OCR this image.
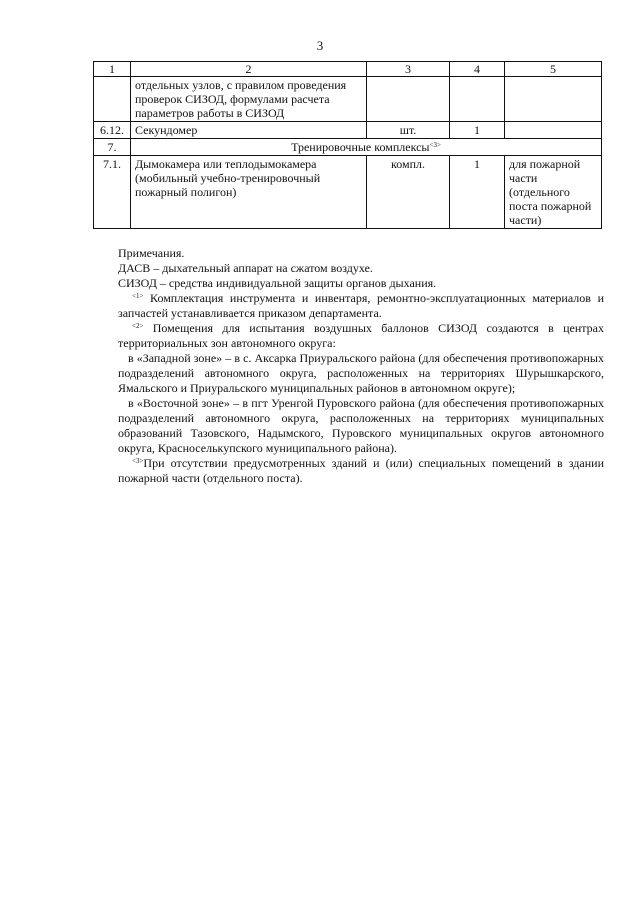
3
1	2	3	4	5
	отдельных узлов, с правилом проведения проверок СИЗОД, формулами расчета параметров работы в СИЗОД			
6.12.	Секундомер	шт.	1	
7.	Тренировочные комплексы$^{<3>}$
7.1.	Дымокамера или теплодымокамера (мобильный учебно-тренировочный пожарный полигон)	компл.	1	для пожарной части (отдельного поста пожарной части)

Примечания.

ДАСВ – дыхательный аппарат на сжатом воздухе.

СИЗОД – средства индивидуальной защиты органов дыхания.

$^{<1>}$ Комплектация инструмента и инвентаря, ремонтно-эксплуатационных материалов и запчастей устанавливается приказом департамента.

$^{<2>}$ Помещения для испытания воздушных баллонов СИЗОД создаются в центрах территориальных зон автономного округа:

в «Западной зоне» – в с. Аксарка Приуральского района (для обеспечения противопожарных подразделений автономного округа, расположенных на территориях Шурышкарского, Ямальского и Приуральского муниципальных районов в автономном округе);

в «Восточной зоне» – в пгт Уренгой Пуровского района (для обеспечения противопожарных подразделений автономного округа, расположенных на территориях муниципальных образований Тазовского, Надымского, Пуровского муниципальных округов автономного округа, Красноселькупского муниципального района).

$^{<3>}$При отсутствии предусмотренных зданий и (или) специальных помещений в здании пожарной части (отдельного поста).
